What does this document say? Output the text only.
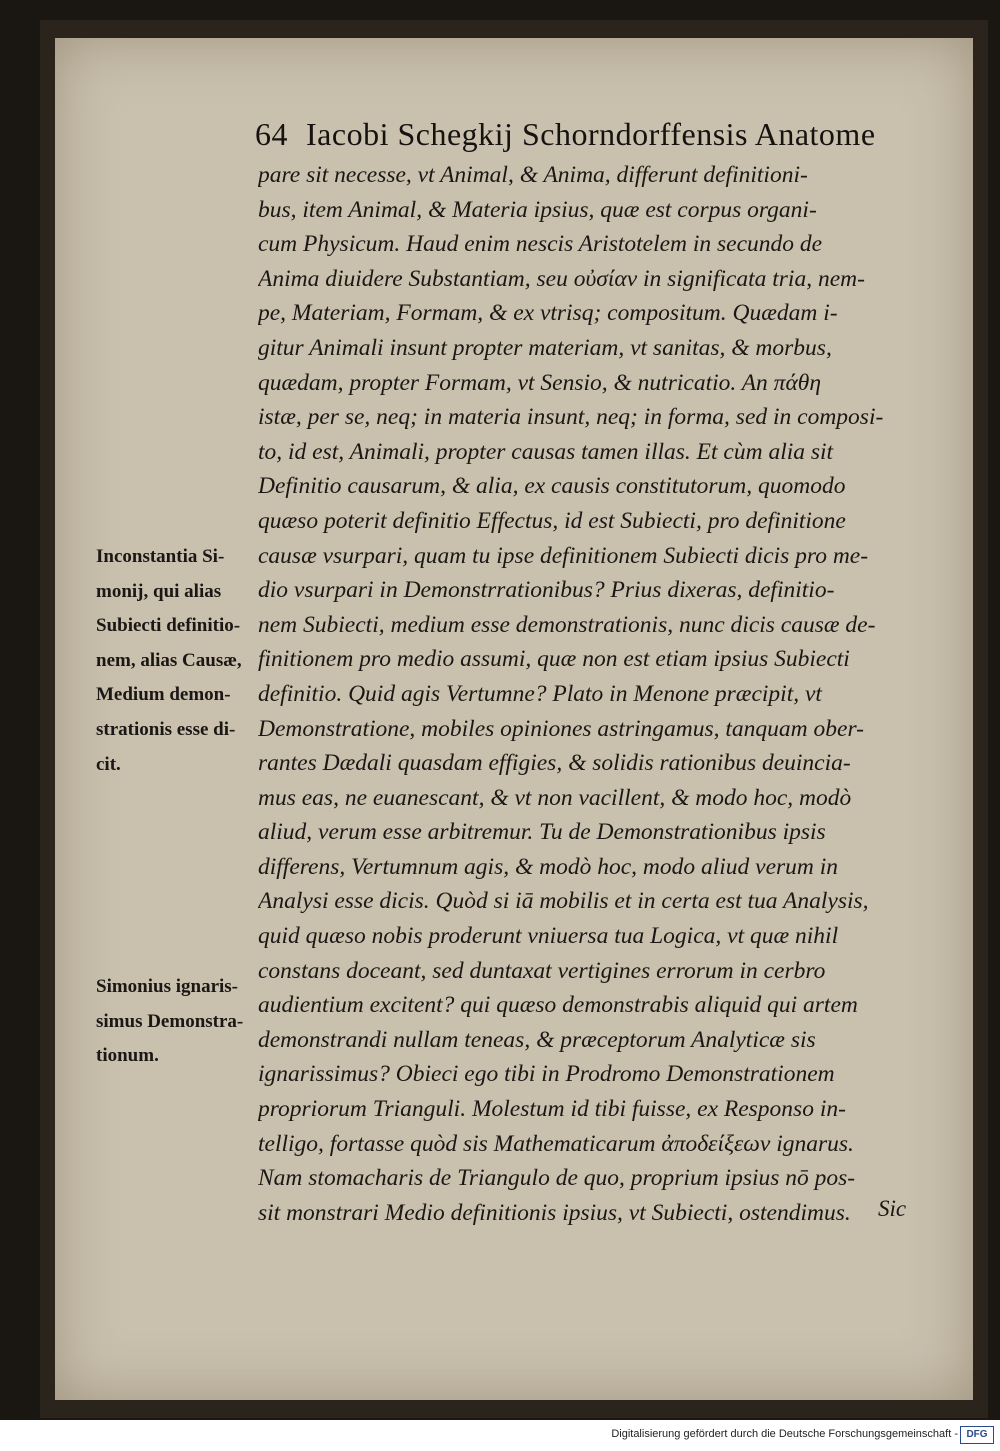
64 Iacobi Schegkij Schorndorffensis Anatome
Inconstantia Si-
monij, qui alias
Subiecti definitio-
nem, alias Causæ,
Medium demon-
strationis esse di-
cit.
Simonius ignaris-
simus Demonstra-
tionum.
pare sit necesse, vt Animal, & Anima, differunt definitioni-
bus, item Animal, & Materia ipsius, quæ est corpus organi-
cum Physicum. Haud enim nescis Aristotelem in secundo de
Anima diuidere Substantiam, seu οὐσίαν in significata tria, nem-
pe, Materiam, Formam, & ex vtrisq; compositum. Quædam i-
gitur Animali insunt propter materiam, vt sanitas, & morbus,
quædam, propter Formam, vt Sensio, & nutricatio. An πάθη
istæ, per se, neq; in materia insunt, neq; in forma, sed in composi-
to, id est, Animali, propter causas tamen illas. Et cùm alia sit
Definitio causarum, & alia, ex causis constitutorum, quomodo
quæso poterit definitio Effectus, id est Subiecti, pro definitione
causæ vsurpari, quam tu ipse definitionem Subiecti dicis pro me-
dio vsurpari in Demonstrrationibus? Prius dixeras, definitio-
nem Subiecti, medium esse demonstrationis, nunc dicis causæ de-
finitionem pro medio assumi, quæ non est etiam ipsius Subiecti
definitio. Quid agis Vertumne? Plato in Menone præcipit, vt
Demonstratione, mobiles opiniones astringamus, tanquam ober-
rantes Dædali quasdam effigies, & solidis rationibus deuincia-
mus eas, ne euanescant, & vt non vacillent, & modo hoc, modò
aliud, verum esse arbitremur. Tu de Demonstrationibus ipsis
differens, Vertumnum agis, & modò hoc, modo aliud verum in
Analysi esse dicis. Quòd si iā mobilis et in certa est tua Analysis,
quid quæso nobis proderunt vniuersa tua Logica, vt quæ nihil
constans doceant, sed duntaxat vertigines errorum in cerbro
audientium excitent? qui quæso demonstrabis aliquid qui artem
demonstrandi nullam teneas, & præceptorum Analyticæ sis
ignarissimus? Obieci ego tibi in Prodromo Demonstrationem
propriorum Trianguli. Molestum id tibi fuisse, ex Responso in-
telligo, fortasse quòd sis Mathematicarum ἀποδείξεων ignarus.
Nam stomacharis de Triangulo de quo, proprium ipsius nō pos-
sit monstrari Medio definitionis ipsius, vt Subiecti, ostendimus.	Sic
Digitalisierung gefördert durch die Deutsche Forschungsgemeinschaft - DFG
